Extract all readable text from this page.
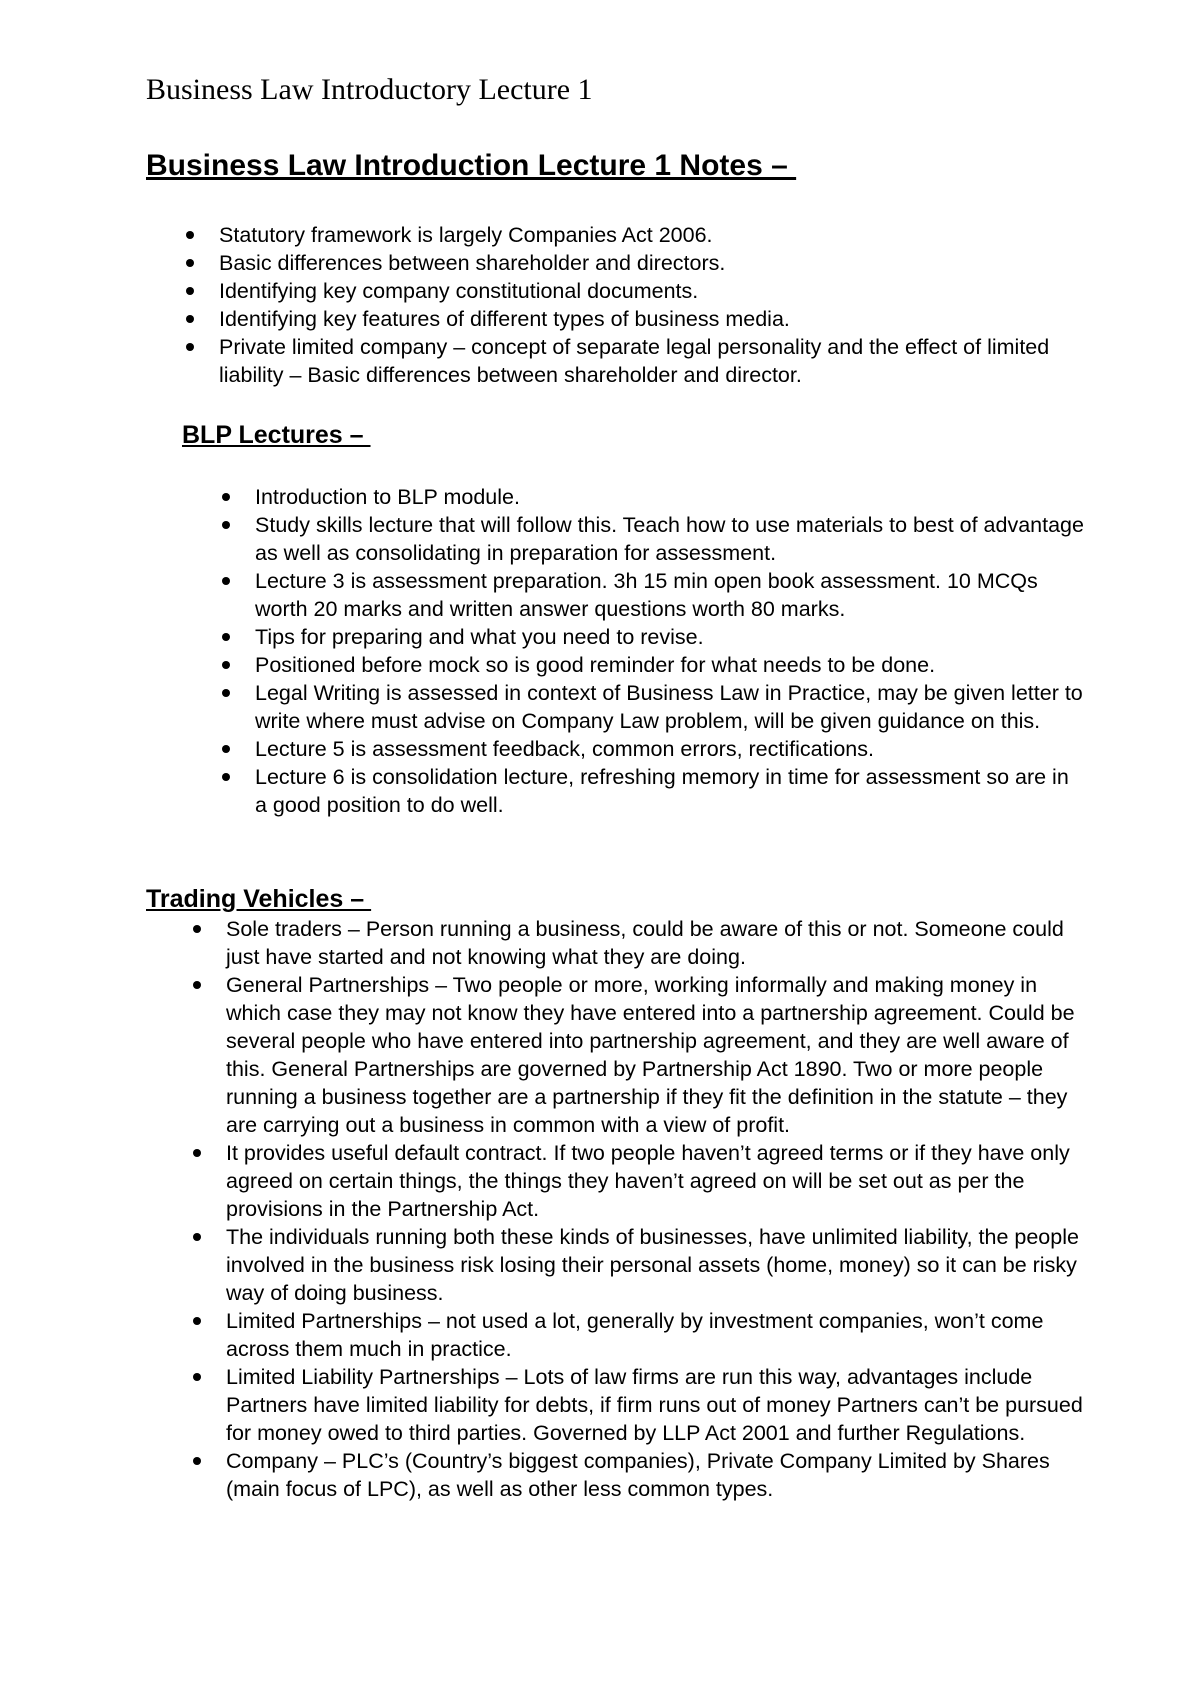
Business Law Introductory Lecture 1
Business Law Introduction Lecture 1 Notes –
Statutory framework is largely Companies Act 2006.
Basic differences between shareholder and directors.
Identifying key company constitutional documents.
Identifying key features of different types of business media.
Private limited company – concept of separate legal personality and the effect of limited liability – Basic differences between shareholder and director.
BLP Lectures –
Introduction to BLP module.
Study skills lecture that will follow this. Teach how to use materials to best of advantage as well as consolidating in preparation for assessment.
Lecture 3 is assessment preparation. 3h 15 min open book assessment. 10 MCQs worth 20 marks and written answer questions worth 80 marks.
Tips for preparing and what you need to revise.
Positioned before mock so is good reminder for what needs to be done.
Legal Writing is assessed in context of Business Law in Practice, may be given letter to write where must advise on Company Law problem, will be given guidance on this.
Lecture 5 is assessment feedback, common errors, rectifications.
Lecture 6 is consolidation lecture, refreshing memory in time for assessment so are in a good position to do well.
Trading Vehicles –
Sole traders – Person running a business, could be aware of this or not. Someone could just have started and not knowing what they are doing.
General Partnerships – Two people or more, working informally and making money in which case they may not know they have entered into a partnership agreement. Could be several people who have entered into partnership agreement, and they are well aware of this. General Partnerships are governed by Partnership Act 1890. Two or more people running a business together are a partnership if they fit the definition in the statute – they are carrying out a business in common with a view of profit.
It provides useful default contract. If two people haven’t agreed terms or if they have only agreed on certain things, the things they haven’t agreed on will be set out as per the provisions in the Partnership Act.
The individuals running both these kinds of businesses, have unlimited liability, the people involved in the business risk losing their personal assets (home, money) so it can be risky way of doing business.
Limited Partnerships – not used a lot, generally by investment companies, won’t come across them much in practice.
Limited Liability Partnerships – Lots of law firms are run this way, advantages include Partners have limited liability for debts, if firm runs out of money Partners can’t be pursued for money owed to third parties. Governed by LLP Act 2001 and further Regulations.
Company – PLC’s (Country’s biggest companies), Private Company Limited by Shares (main focus of LPC), as well as other less common types.
